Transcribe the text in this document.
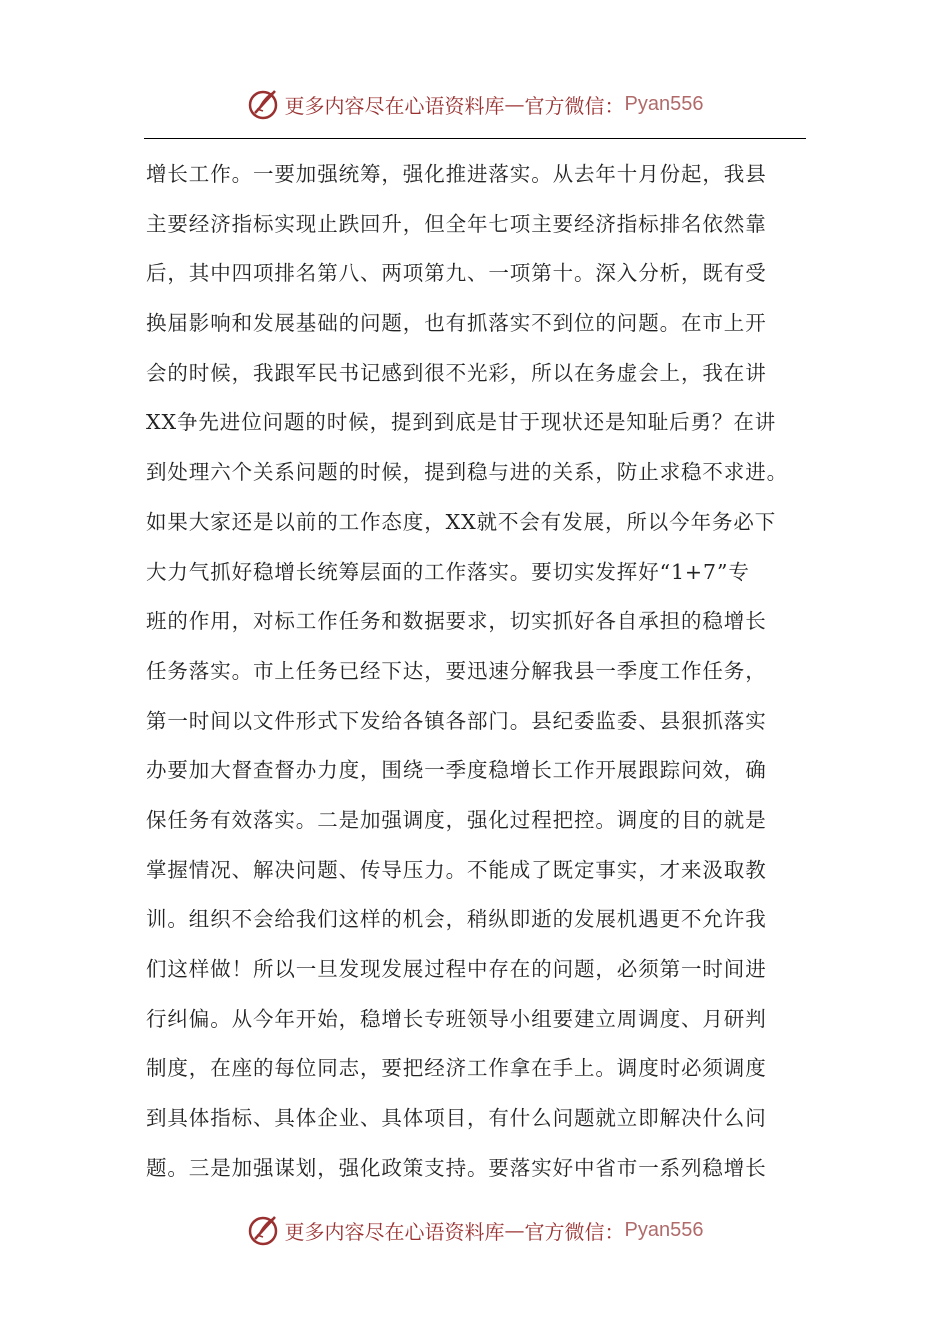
更多内容尽在心语资料库 — 官方微信： Pyan556
增长工作。一要加强统筹，强化推进落实。从去年十月份起，我县
主要经济指标实现止跌回升，但全年七项主要经济指标排名依然靠
后，其中四项排名第八、两项第九、一项第十。深入分析，既有受
换届影响和发展基础的问题，也有抓落实不到位的问题。在市上开
会的时候，我跟军民书记感到很不光彩，所以在务虚会上，我在讲
XX争先进位问题的时候，提到到底是甘于现状还是知耻后勇？在讲
到处理六个关系问题的时候，提到稳与进的关系，防止求稳不求进。
如果大家还是以前的工作态度，XX就不会有发展，所以今年务必下
大力气抓好稳增长统筹层面的工作落实。要切实发挥好“1+7”专
班的作用，对标工作任务和数据要求，切实抓好各自承担的稳增长
任务落实。市上任务已经下达，要迅速分解我县一季度工作任务，
第一时间以文件形式下发给各镇各部门。县纪委监委、县狠抓落实
办要加大督查督办力度，围绕一季度稳增长工作开展跟踪问效，确
保任务有效落实。二是加强调度，强化过程把控。调度的目的就是
掌握情况、解决问题、传导压力。不能成了既定事实，才来汲取教
训。组织不会给我们这样的机会，稍纵即逝的发展机遇更不允许我
们这样做！所以一旦发现发展过程中存在的问题，必须第一时间进
行纠偏。从今年开始，稳增长专班领导小组要建立周调度、月研判
制度，在座的每位同志，要把经济工作拿在手上。调度时必须调度
到具体指标、具体企业、具体项目，有什么问题就立即解决什么问
题。三是加强谋划，强化政策支持。要落实好中省市一系列稳增长
更多内容尽在心语资料库 — 官方微信： Pyan556
